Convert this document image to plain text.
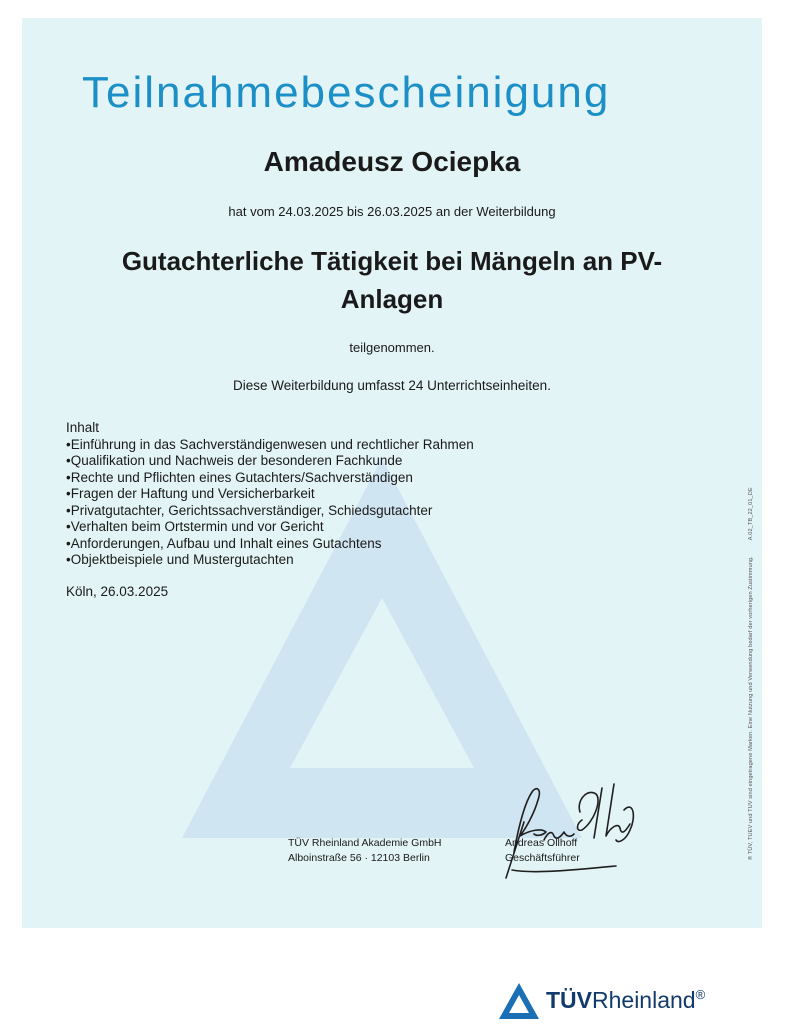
Teilnahmebescheinigung
Amadeusz Ociepka
hat vom 24.03.2025 bis 26.03.2025 an der Weiterbildung
Gutachterliche Tätigkeit bei Mängeln an PV-
Anlagen
teilgenommen.
Diese Weiterbildung umfasst 24 Unterrichtseinheiten.
Inhalt
• Einführung in das Sachverständigenwesen und rechtlicher Rahmen
• Qualifikation und Nachweis der besonderen Fachkunde
• Rechte und Pflichten eines Gutachters/Sachverständigen
• Fragen der Haftung und Versicherbarkeit
• Privatgutachter, Gerichtssachverständiger, Schiedsgutachter
• Verhalten beim Ortstermin und vor Gericht
• Anforderungen, Aufbau und Inhalt eines Gutachtens
• Objektbeispiele und Mustergutachten
Köln, 26.03.2025
TÜV Rheinland Akademie GmbH
Alboinstraße 56 · 12103 Berlin
Andreas Ollhoff
Geschäftsführer	® TÜV, TUEV und TUV sind eingetragene Marken. Eine Nutzung und Verwendung bedarf der vorherigen Zustimmung.A.02_TB_22_01_DE
TÜVRheinland®
